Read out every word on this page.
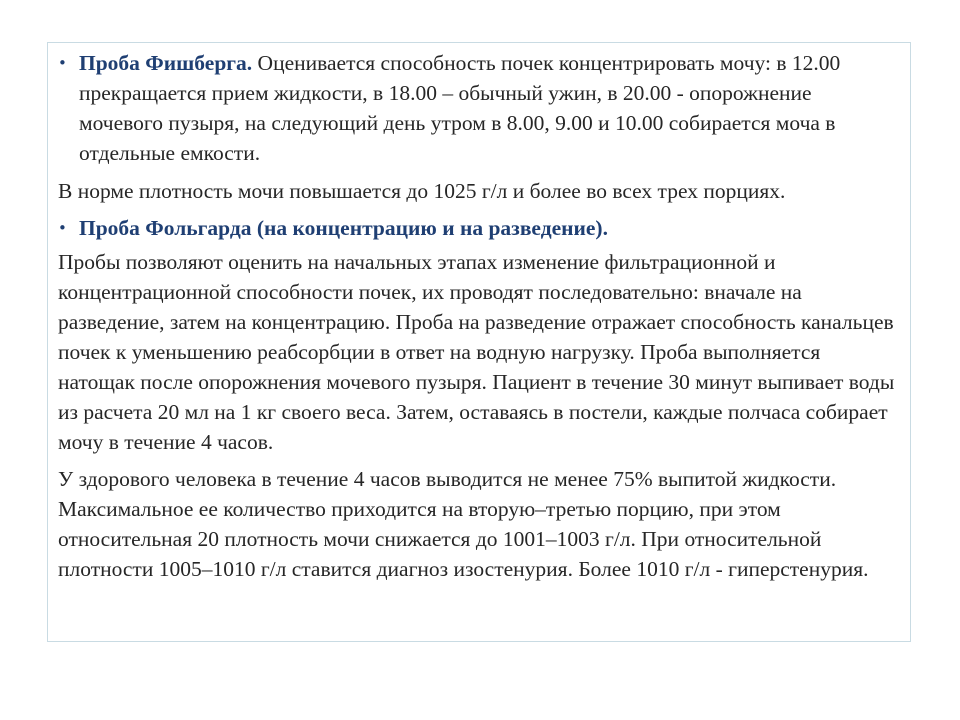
• Проба Фишберга. Оценивается способность почек концентрировать мочу: в 12.00 прекращается прием жидкости, в 18.00 – обычный ужин, в 20.00 - опорожнение мочевого пузыря, на следующий день утром в 8.00, 9.00 и 10.00 собирается моча в отдельные емкости.

В норме плотность мочи повышается до 1025 г/л и более во всех трех порциях.

• Проба Фольгарда (на концентрацию и на разведение).

Пробы позволяют оценить на начальных этапах изменение фильтрационной и концентрационной способности почек, их проводят последовательно: вначале на разведение, затем на концентрацию. Проба на разведение отражает способность канальцев почек к уменьшению реабсорбции в ответ на водную нагрузку. Проба выполняется натощак после опорожнения мочевого пузыря. Пациент в течение 30 минут выпивает воды из расчета 20 мл на 1 кг своего веса. Затем, оставаясь в постели, каждые полчаса собирает мочу в течение 4 часов.

У здорового человека в течение 4 часов выводится не менее 75% выпитой жидкости. Максимальное ее количество приходится на вторую–третью порцию, при этом относительная 20 плотность мочи снижается до 1001–1003 г/л. При относительной плотности 1005–1010 г/л ставится диагноз изостенурия. Более 1010 г/л - гиперстенурия.
